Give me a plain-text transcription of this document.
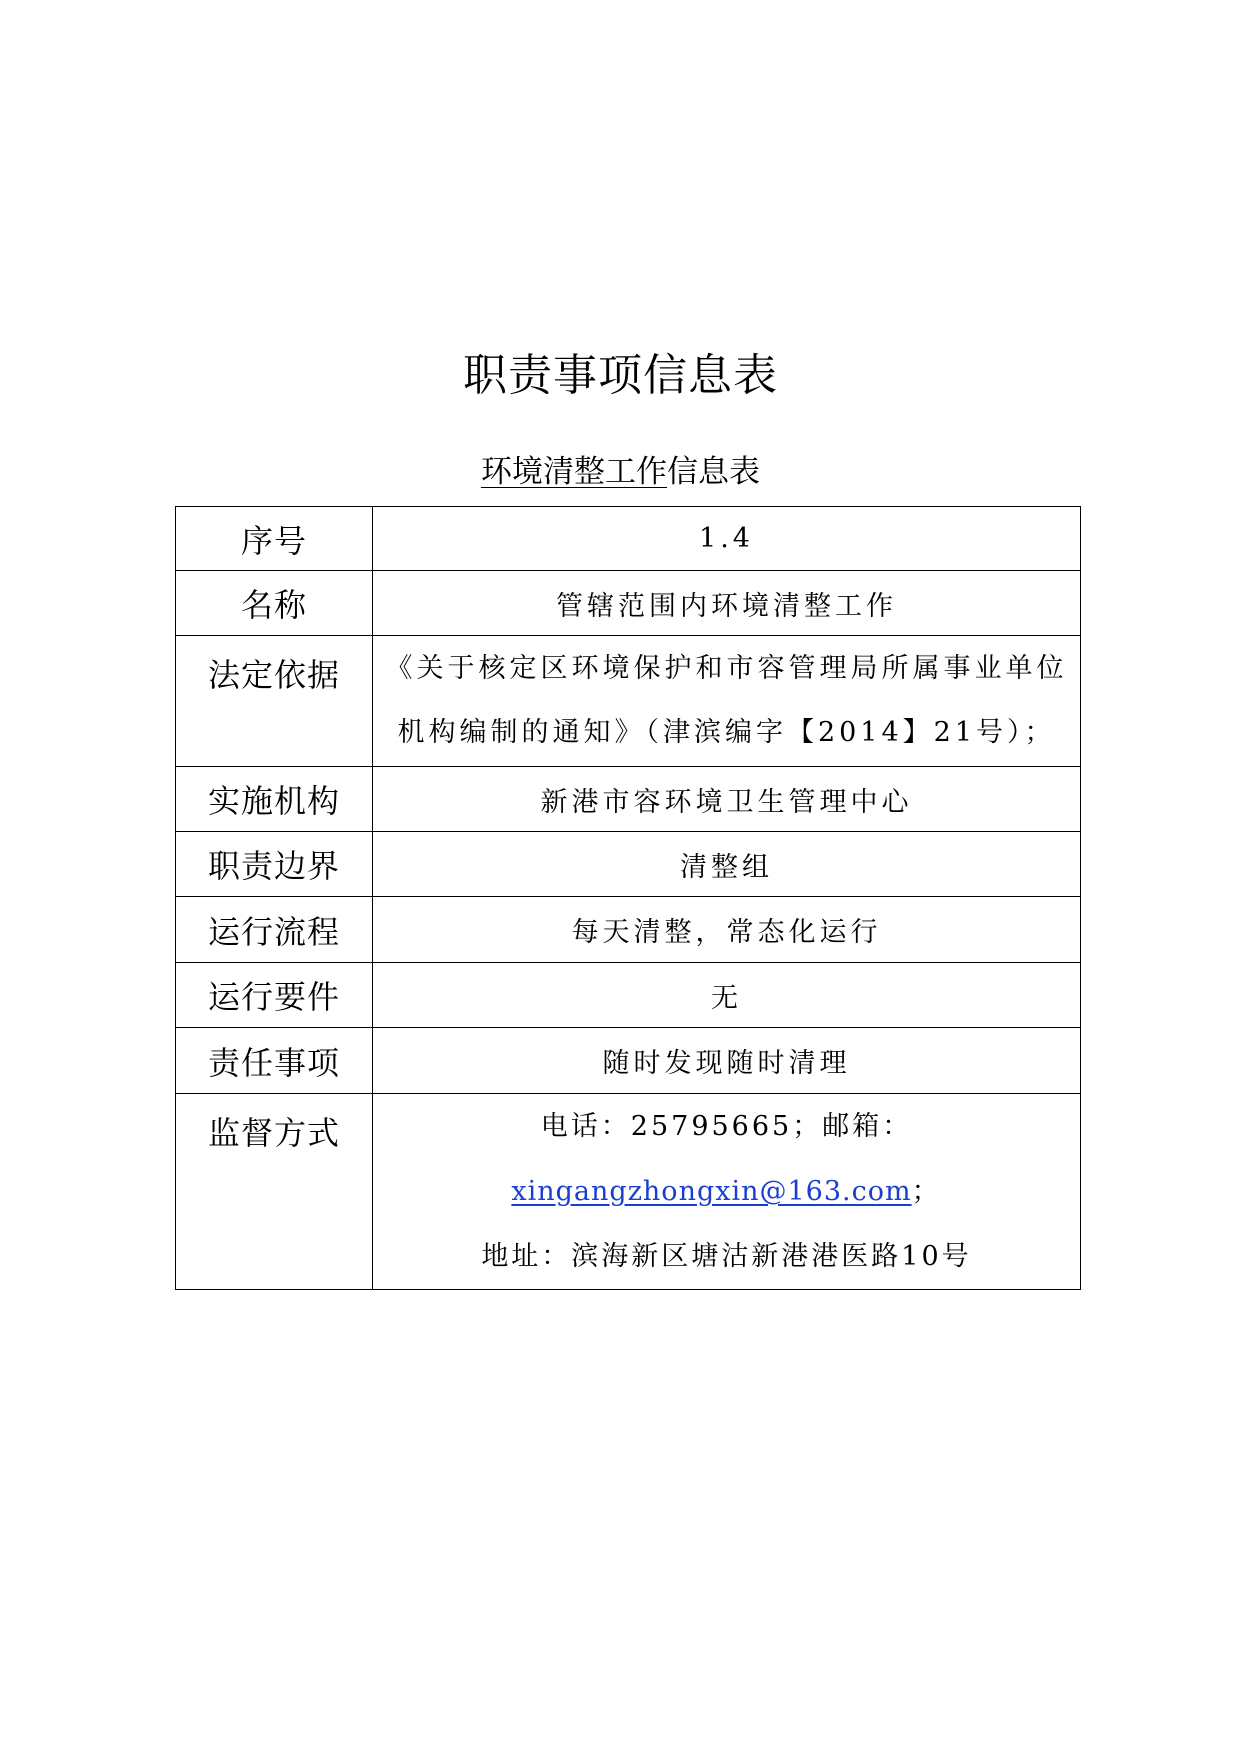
职责事项信息表
环境清整工作信息表
序号	1.4
名称	管辖范围内环境清整工作
法定依据	《关于核定区环境保护和市容管理局所属事业单位机构编制的通知》（津滨编字【2014】21号）；
实施机构	新港市容环境卫生管理中心
职责边界	清整组
运行流程	每天清整，常态化运行
运行要件	无
责任事项	随时发现随时清理
监督方式	电话：25795665；邮箱：
xingangzhongxin@163.com；
地址：滨海新区塘沽新港港医路10号
